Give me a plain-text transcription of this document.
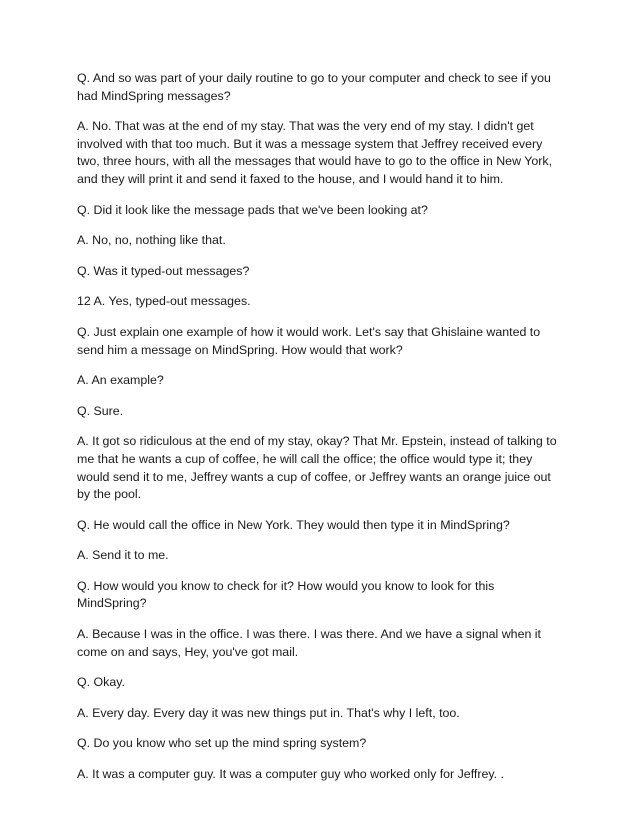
Q. And so was part of your daily routine to go to your computer and check to see if you had MindSpring messages?

A. No. That was at the end of my stay. That was the very end of my stay. I didn't get involved with that too much. But it was a message system that Jeffrey received every two, three hours, with all the messages that would have to go to the office in New York, and they will print it and send it faxed to the house, and I would hand it to him.

Q. Did it look like the message pads that we've been looking at?

A. No, no, nothing like that.

Q. Was it typed-out messages?

12 A. Yes, typed-out messages.

Q. Just explain one example of how it would work. Let's say that Ghislaine wanted to send him a message on MindSpring. How would that work?

A. An example?

Q. Sure.

A. It got so ridiculous at the end of my stay, okay? That Mr. Epstein, instead of talking to me that he wants a cup of coffee, he will call the office; the office would type it; they would send it to me, Jeffrey wants a cup of coffee, or Jeffrey wants an orange juice out by the pool.

Q. He would call the office in New York. They would then type it in MindSpring?

A. Send it to me.

Q. How would you know to check for it? How would you know to look for this MindSpring?

A. Because I was in the office. I was there. I was there. And we have a signal when it come on and says, Hey, you've got mail.

Q. Okay.

A. Every day. Every day it was new things put in. That's why I left, too.

Q. Do you know who set up the mind spring system?

A. It was a computer guy. It was a computer guy who worked only for Jeffrey. .
